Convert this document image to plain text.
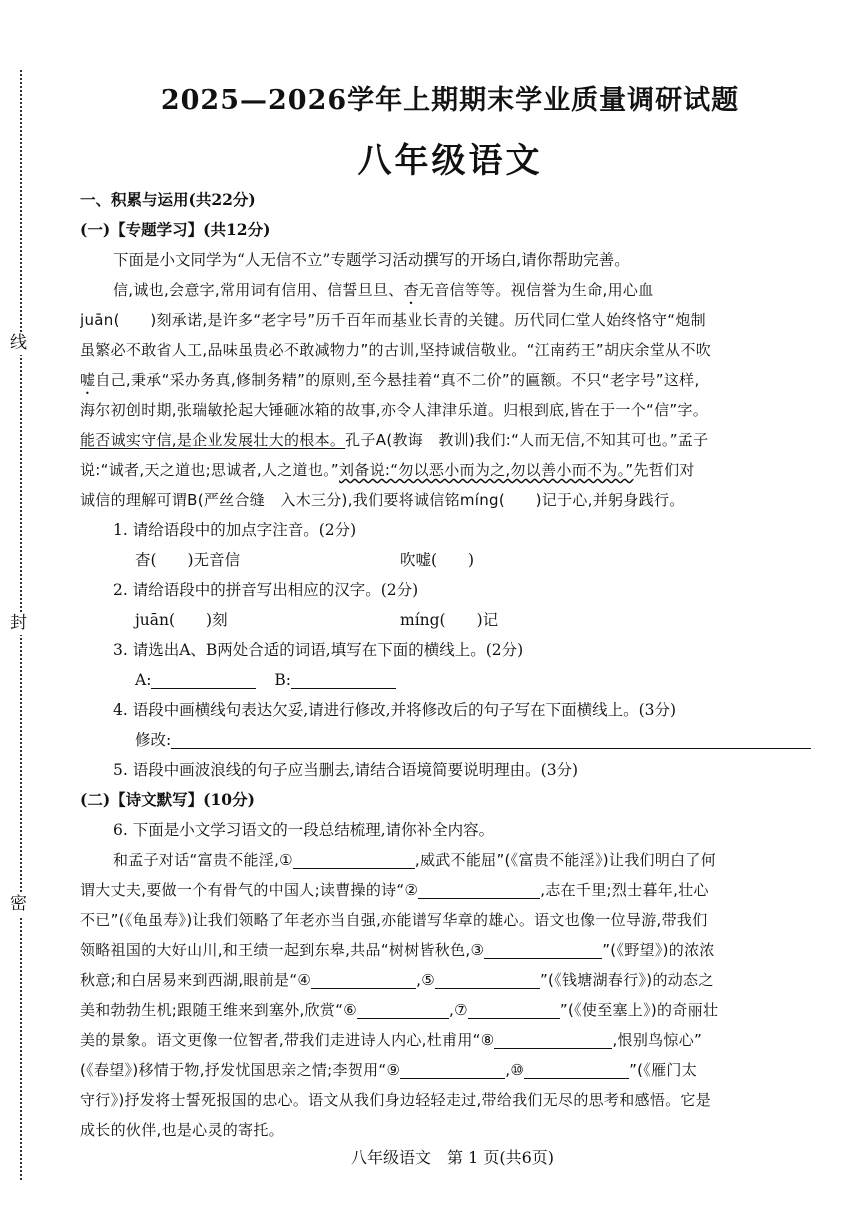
线
封
密
2025—2026学年上期期末学业质量调研试题
八年级语文
一、积累与运用(共22分)
(一)【专题学习】(共12分)
下面是小文同学为“人无信不立”专题学习活动撰写的开场白,请你帮助完善。
信,诚也,会意字,常用词有信用、信誓旦旦、杳无音信等等。视信誉为生命,用心血
juān(　　)刻承诺,是许多“老字号”历千百年而基业长青的关键。历代同仁堂人始终恪守“炮制
虽繁必不敢省人工,品味虽贵必不敢减物力”的古训,坚持诚信敬业。“江南药王”胡庆余堂从不吹
嘘自己,秉承“采办务真,修制务精”的原则,至今悬挂着“真不二价”的匾额。不只“老字号”这样,
海尔初创时期,张瑞敏抡起大锤砸冰箱的故事,亦令人津津乐道。归根到底,皆在于一个“信”字。
能否诚实守信,是企业发展壮大的根本。孔子A(教诲　教训)我们:“人而无信,不知其可也。”孟子
说:“诚者,天之道也;思诚者,人之道也。”刘备说:“勿以恶小而为之,勿以善小而不为。”先哲们对
诚信的理解可谓B(严丝合缝　入木三分),我们要将诚信铭míng(　　)记于心,并躬身践行。
1. 请给语段中的加点字注音。(2分)
杳(　　)无音信	吹嘘(　　)
2. 请给语段中的拼音写出相应的汉字。(2分)
juān(　　)刻	míng(　　)记
3. 请选出A、B两处合适的词语,填写在下面的横线上。(2分)
A:	B:
4. 语段中画横线句表达欠妥,请进行修改,并将修改后的句子写在下面横线上。(3分)
修改:
5. 语段中画波浪线的句子应当删去,请结合语境简要说明理由。(3分)
(二)【诗文默写】(10分)
6. 下面是小文学习语文的一段总结梳理,请你补全内容。
和孟子对话“富贵不能淫,①	,威武不能屈”(《富贵不能淫》)让我们明白了何
谓大丈夫,要做一个有骨气的中国人;读曹操的诗“②	,志在千里;烈士暮年,壮心
不已”(《龟虽寿》)让我们领略了年老亦当自强,亦能谱写华章的雄心。语文也像一位导游,带我们
领略祖国的大好山川,和王绩一起到东皋,共品“树树皆秋色,③	”(《野望》)的浓浓
秋意;和白居易来到西湖,眼前是“④	,⑤	”(《钱塘湖春行》)的动态之
美和勃勃生机;跟随王维来到塞外,欣赏“⑥	,⑦	”(《使至塞上》)的奇丽壮
美的景象。语文更像一位智者,带我们走进诗人内心,杜甫用“⑧	,恨别鸟惊心”
(《春望》)移情于物,抒发忧国思亲之情;李贺用“⑨	,⑩	”(《雁门太
守行》)抒发将士誓死报国的忠心。语文从我们身边轻轻走过,带给我们无尽的思考和感悟。它是
成长的伙伴,也是心灵的寄托。
八年级语文　第 1 页(共6页)
